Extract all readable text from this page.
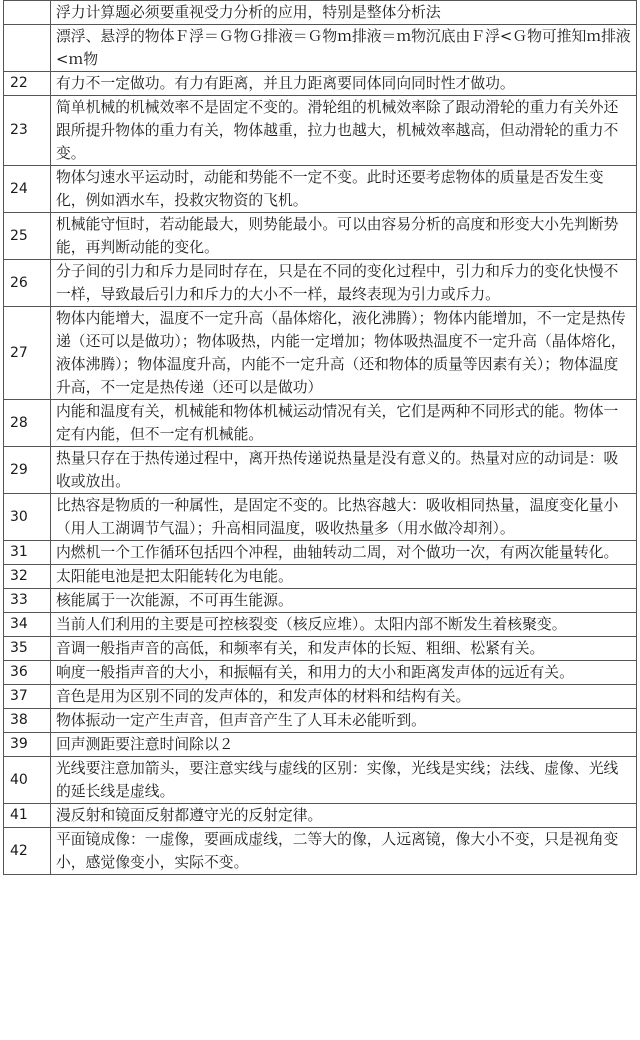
	浮力计算题必须要重视受力分析的应用，特别是整体分析法
	漂浮、悬浮的物体Ｆ浮＝Ｇ物Ｇ排液＝Ｇ物ｍ排液＝ｍ物沉底由Ｆ浮<Ｇ物可推知ｍ排液<ｍ物
22	有力不一定做功。有力有距离，并且力距离要同体同向同时性才做功。
23	简单机械的机械效率不是固定不变的。滑轮组的机械效率除了跟动滑轮的重力有关外还跟所提升物体的重力有关，物体越重，拉力也越大，机械效率越高，但动滑轮的重力不变。
24	物体匀速水平运动时，动能和势能不一定不变。此时还要考虑物体的质量是否发生变化，例如洒水车，投救灾物资的飞机。
25	机械能守恒时，若动能最大，则势能最小。可以由容易分析的高度和形变大小先判断势能，再判断动能的变化。
26	分子间的引力和斥力是同时存在，只是在不同的变化过程中，引力和斥力的变化快慢不一样，导致最后引力和斥力的大小不一样，最终表现为引力或斥力。
27	物体内能增大，温度不一定升高（晶体熔化，液化沸腾）；物体内能增加，不一定是热传递（还可以是做功）；物体吸热，内能一定增加；物体吸热温度不一定升高（晶体熔化，液体沸腾）；物体温度升高，内能不一定升高（还和物体的质量等因素有关）；物体温度升高，不一定是热传递（还可以是做功）
28	内能和温度有关，机械能和物体机械运动情况有关，它们是两种不同形式的能。物体一定有内能，但不一定有机械能。
29	热量只存在于热传递过程中，离开热传递说热量是没有意义的。热量对应的动词是：吸收或放出。
30	比热容是物质的一种属性，是固定不变的。比热容越大：吸收相同热量，温度变化量小（用人工湖调节气温）；升高相同温度，吸收热量多（用水做冷却剂）。
31	内燃机一个工作循环包括四个冲程，曲轴转动二周，对个做功一次，有两次能量转化。
32	太阳能电池是把太阳能转化为电能。
33	核能属于一次能源，不可再生能源。
34	当前人们利用的主要是可控核裂变（核反应堆）。太阳内部不断发生着核聚变。
35	音调一般指声音的高低，和频率有关，和发声体的长短、粗细、松紧有关。
36	响度一般指声音的大小，和振幅有关，和用力的大小和距离发声体的远近有关。
37	音色是用为区别不同的发声体的，和发声体的材料和结构有关。
38	物体振动一定产生声音，但声音产生了人耳未必能听到。
39	回声测距要注意时间除以２
40	光线要注意加箭头，要注意实线与虚线的区别：实像，光线是实线；法线、虚像、光线的延长线是虚线。
41	漫反射和镜面反射都遵守光的反射定律。
42	平面镜成像：一虚像，要画成虚线，二等大的像，人远离镜，像大小不变，只是视角变小，感觉像变小，实际不变。
